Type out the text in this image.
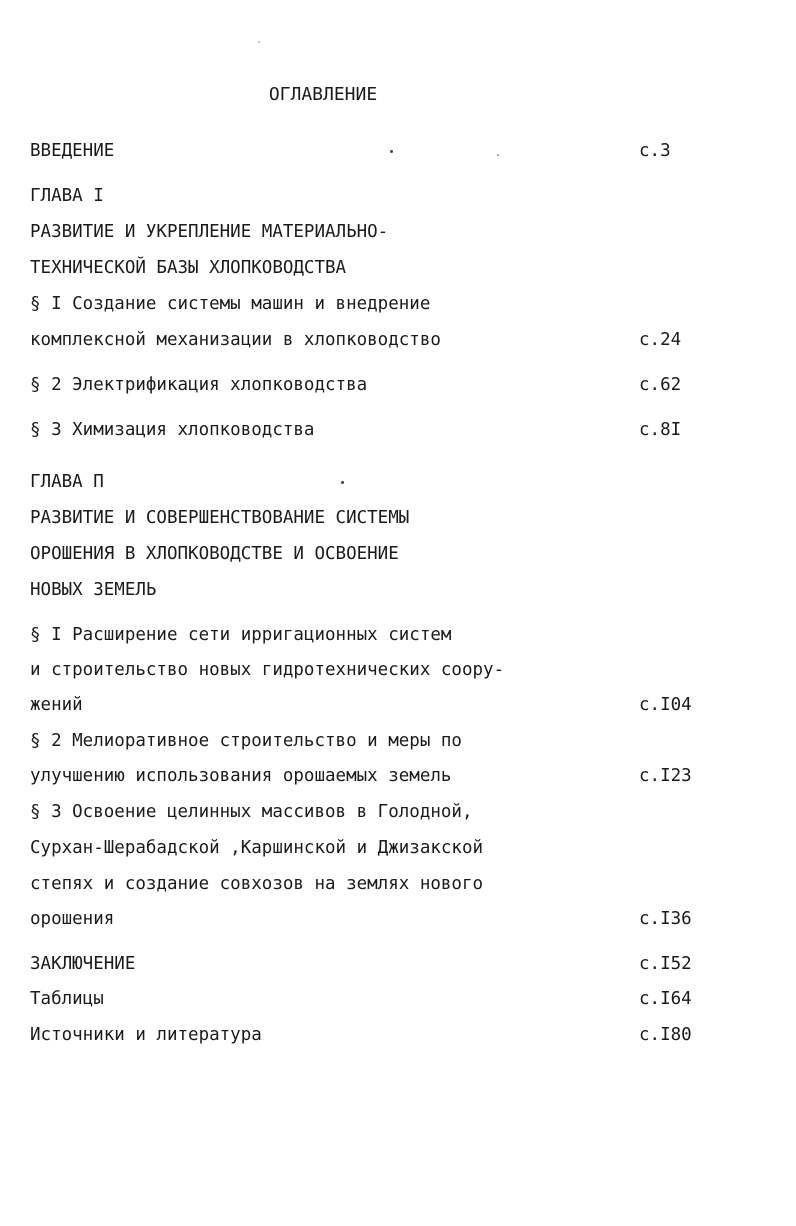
ОГЛАВЛЕНИЕ
ВВЕДЕНИЕ
ГЛАВА I
РАЗВИТИЕ И УКРЕПЛЕНИЕ МАТЕРИАЛЬНО-
ТЕХНИЧЕСКОЙ БАЗЫ ХЛОПКОВОДСТВА
§ I Создание системы машин и внедрение
комплексной механизации в хлопководство
§ 2 Электрификация хлопководства
§ 3 Химизация хлопководства
ГЛАВА П
РАЗВИТИЕ И СОВЕРШЕНСТВОВАНИЕ СИСТЕМЫ
ОРОШЕНИЯ В ХЛОПКОВОДСТВЕ И ОСВОЕНИЕ
НОВЫХ ЗЕМЕЛЬ
§ I Расширение сети ирригационных систем
и строительство новых гидротехнических соору-
жений
§ 2 Мелиоративное строительство и меры по
улучшению использования орошаемых земель
§ 3 Освоение целинных массивов в Голодной,
Сурхан-Шерабадской ,Каршинской и Джизакской
степях и создание совхозов на землях нового
орошения
ЗАКЛЮЧЕНИЕ
Таблицы
Источники и литература
с.3
с.24
с.62
с.8I
с.I04
с.I23
с.I36
с.I52
с.I64
с.I80
